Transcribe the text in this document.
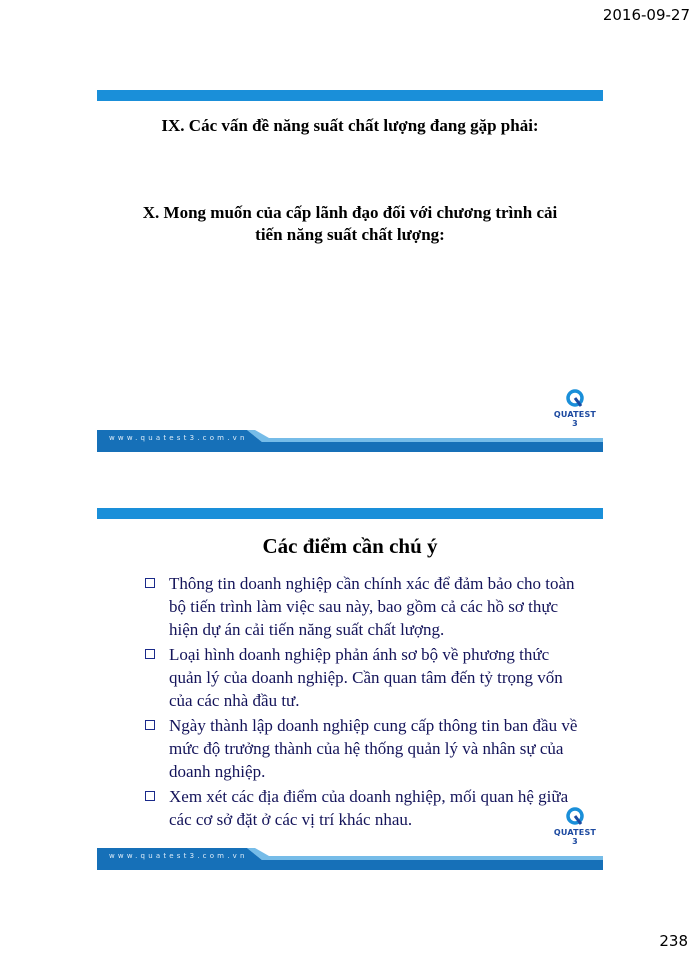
2016-09-27
IX. Các vấn đề năng suất chất lượng đang gặp phải:
X. Mong muốn của cấp lãnh đạo đối với chương trình cải tiến năng suất chất lượng:
QUATEST 3
www.quatest3.com.vn
Các điểm cần chú ý
Thông tin doanh nghiệp cần chính xác để đảm bảo cho toàn bộ tiến trình làm việc sau này, bao gồm cả các hồ sơ thực hiện dự án cải tiến năng suất chất lượng.
Loại hình doanh nghiệp phản ánh sơ bộ về phương thức quản lý của doanh nghiệp. Cần quan tâm đến tỷ trọng vốn của các nhà đầu tư.
Ngày thành lập doanh nghiệp cung cấp thông tin ban đầu về mức độ trưởng thành của hệ thống quản lý và nhân sự của doanh nghiệp.
Xem xét các địa điểm của doanh nghiệp, mối quan hệ giữa các cơ sở đặt ở các vị trí khác nhau.
QUATEST 3
www.quatest3.com.vn
238
